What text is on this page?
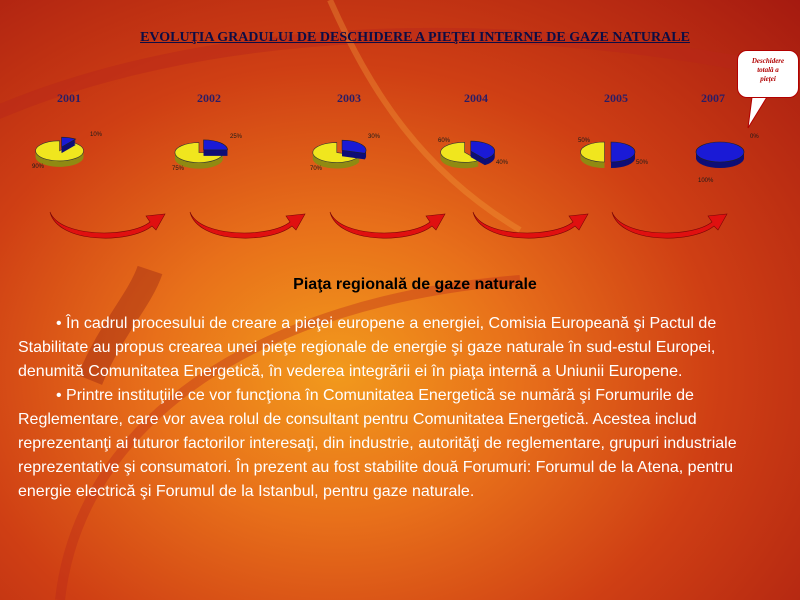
EVOLUŢIA GRADULUI DE DESCHIDERE A PIEŢEI INTERNE DE GAZE NATURALE
2001	2002	2003	2004	2005	2007
10%
90%
25%
75%
30%
70%
40%
60%
50%
50%
0%
100%
Deschidere
totală a
pieţei
Piaţa regională de gaze naturale

• În cadrul procesului de creare a pieţei europene a energiei, Comisia Europeană şi Pactul de Stabilitate au propus crearea unei pieţe regionale de energie şi gaze naturale în sud-estul Europei, denumită Comunitatea Energetică, în vederea integrării ei în piaţa internă a Uniunii Europene.

• Printre instituţiile ce vor funcţiona în Comunitatea Energetică se numără şi Forumurile de Reglementare, care vor avea rolul de consultant pentru Comunitatea Energetică. Acestea includ reprezentanţi ai tuturor factorilor interesaţi, din industrie, autorităţi de reglementare, grupuri industriale reprezentative şi consumatori. În prezent au fost stabilite două Forumuri: Forumul de la Atena, pentru energie electrică şi Forumul de la Istanbul, pentru gaze naturale.
